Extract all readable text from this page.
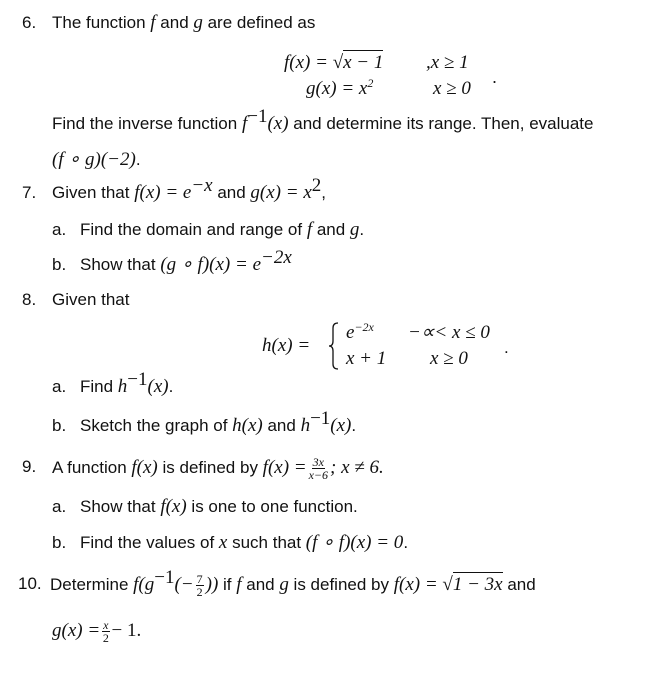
6. The function f and g are defined as
f(x) = √x − 1 ,x ≥ 1
$g(x) = x^2$	x ≥ 0
.
Find the inverse function $f^{-1}(x)$ and determine its range. Then, evaluate
(f ∘ g)(−2).
7. Given that $f(x) = e^{-x}$ and $g(x) = x^2$,
a. Find the domain and range of f and g.
b. Show that (g ∘ $f)(x) = e^{-2x}$
8. Given that
h(x) =
$e^{-2x}$ −∝< x ≤ 0
x + 1 x ≥ 0
.
a. Find $h^{-1}(x)$.
b. Sketch the graph of h(x) and $h^{-1}(x)$.
9. A function f(x) is defined by $f(x) = \frac{3x}{x-6}$ ; x ≠ 6.
a. Show that f(x) is one to one function.
b. Find the values of x such that (f ∘ f)(x) = 0.
10. Determine $f(g^{-1}(- \frac{7}{2}$ )) if f and g is defined by f(x) = √1 − 3x and
$g(x) = \frac{x}{2} - 1$.
